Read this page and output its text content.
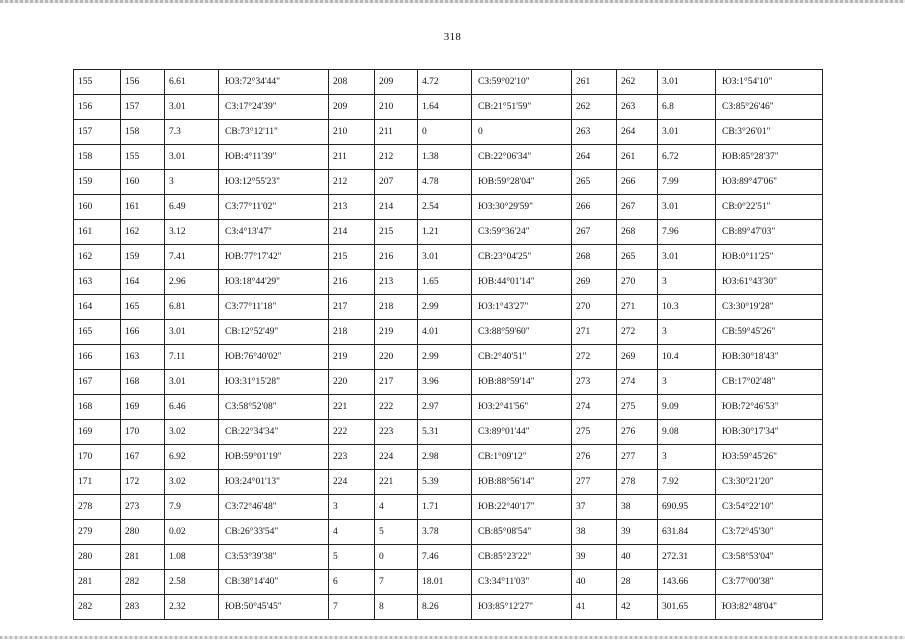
318
155	156	6.61	ЮЗ:72°34'44"	208	209	4.72	СЗ:59°02'10"	261	262	3.01	ЮЗ:1°54'10"
156	157	3.01	СЗ:17°24'39"	209	210	1.64	СВ:21°51'59"	262	263	6.8	СЗ:85°26'46"
157	158	7.3	СВ:73°12'11"	210	211	0	0	263	264	3.01	СВ:3°26'01"
158	155	3.01	ЮВ:4°11'39"	211	212	1.38	СВ:22°06'34"	264	261	6.72	ЮВ:85°28'37"
159	160	3	ЮЗ:12°55'23"	212	207	4.78	ЮВ:59°28'04"	265	266	7.99	ЮЗ:89°47'06"
160	161	6.49	СЗ:77°11'02"	213	214	2.54	ЮЗ:30°29'59"	266	267	3.01	СВ:0°22'51"
161	162	3.12	СЗ:4°13'47"	214	215	1.21	СЗ:59°36'24"	267	268	7.96	СВ:89°47'03"
162	159	7.41	ЮВ:77°17'42"	215	216	3.01	СВ:23°04'25"	268	265	3.01	ЮВ:0°11'25"
163	164	2.96	ЮЗ:18°44'29"	216	213	1.65	ЮВ:44°01'14"	269	270	3	ЮЗ:61°43'30"
164	165	6.81	СЗ:77°11'18"	217	218	2.99	ЮЗ:1°43'27"	270	271	10.3	СЗ:30°19'28"
165	166	3.01	СВ:12°52'49"	218	219	4.01	СЗ:88°59'60"	271	272	3	СВ:59°45'26"
166	163	7.11	ЮВ:76°40'02"	219	220	2.99	СВ:2°40'51"	272	269	10.4	ЮВ:30°18'43"
167	168	3.01	ЮЗ:31°15'28"	220	217	3.96	ЮВ:88°59'14"	273	274	3	СВ:17°02'48"
168	169	6.46	СЗ:58°52'08"	221	222	2.97	ЮЗ:2°41'56"	274	275	9.09	ЮВ:72°46'53"
169	170	3.02	СВ:22°34'34"	222	223	5.31	СЗ:89°01'44"	275	276	9.08	ЮВ:30°17'34"
170	167	6.92	ЮВ:59°01'19"	223	224	2.98	СВ:1°09'12"	276	277	3	ЮЗ:59°45'26"
171	172	3.02	ЮЗ:24°01'13"	224	221	5.39	ЮВ:88°56'14"	277	278	7.92	СЗ:30°21'20"
278	273	7.9	СЗ:72°46'48"	3	4	1.71	ЮВ:22°40'17"	37	38	690.95	СЗ:54°22'10"
279	280	0.02	СВ:26°33'54"	4	5	3.78	СВ:85°08'54"	38	39	631.84	СЗ:72°45'30"
280	281	1.08	СЗ:53°39'38"	5	0	7.46	СВ:85°23'22"	39	40	272.31	СЗ:58°53'04"
281	282	2.58	СВ:38°14'40"	6	7	18.01	СЗ:34°11'03"	40	28	143.66	СЗ:77°00'38"
282	283	2.32	ЮВ:50°45'45"	7	8	8.26	ЮЗ:85°12'27"	41	42	301.65	ЮЗ:82°48'04"
